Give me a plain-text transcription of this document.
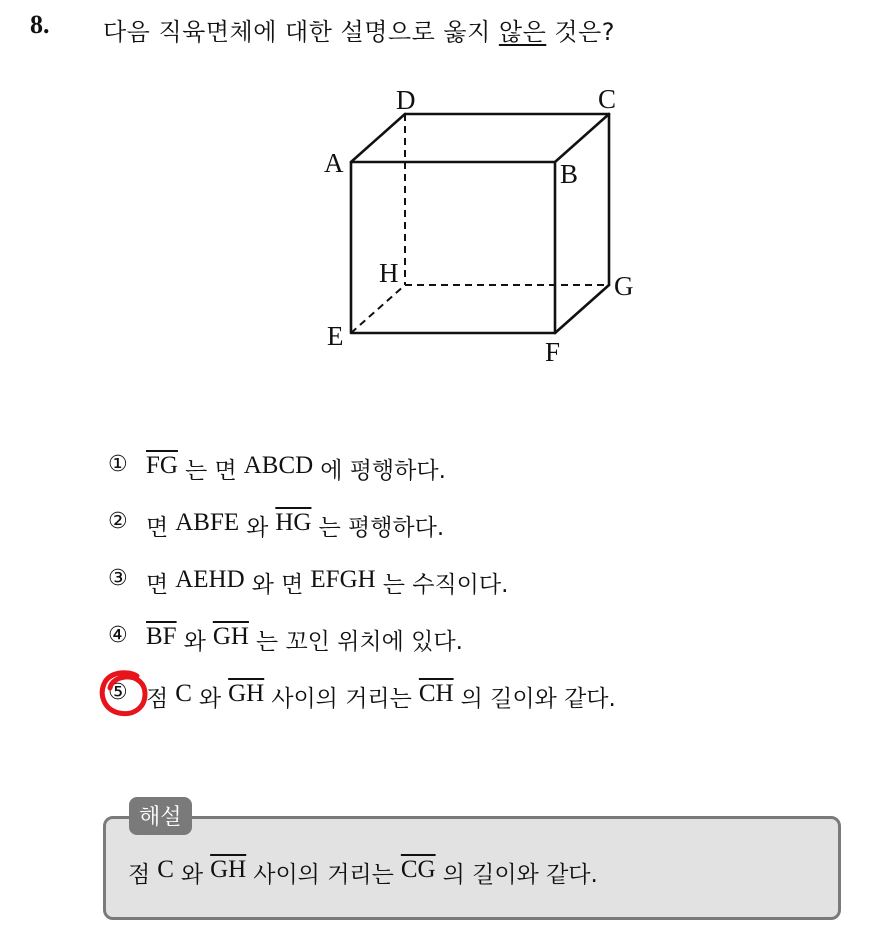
8. 다음 직육면체에 대한 설명으로 옳지 않은 것은?
A	B
C
D
E
F
G
H
① $\overline{FG}$ 는 면 ABCD 에 평행하다.
② 면 ABFE 와 $\overline{HG}$ 는 평행하다.
③ 면 AEHD 와 면 EFGH 는 수직이다.
④ $\overline{BF}$ 와 $\overline{GH}$ 는 꼬인 위치에 있다.
⑤ 점 C 와 $\overline{GH}$ 사이의 거리는 $\overline{CH}$ 의 길이와 같다.
해설
점 C 와 $\overline{GH}$ 사이의 거리는 $\overline{CG}$ 의 길이와 같다.
